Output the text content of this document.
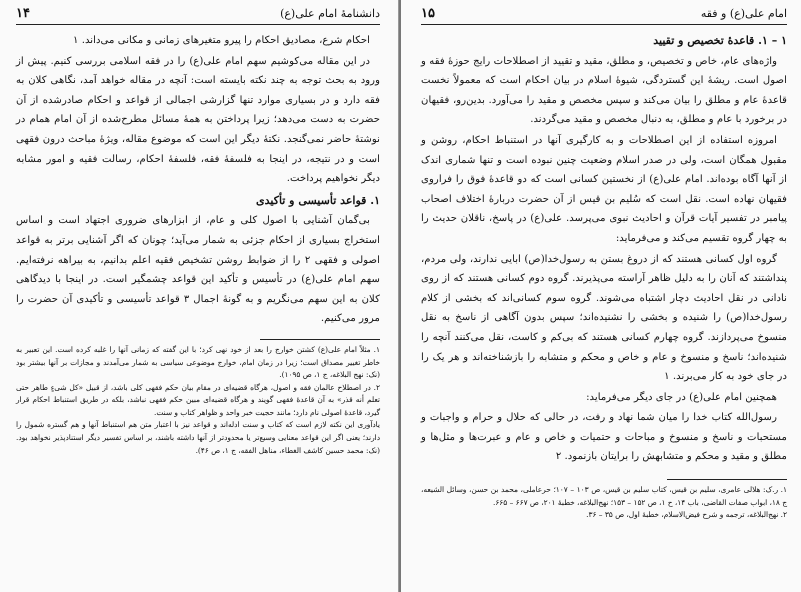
دانشنامهٔ امام علی(ع)
۱۴

احکام شرع، مصادیق احکام را پیرو متغیرهای زمانی و مکانی می‌داند. ۱

در این مقاله می‌کوشیم سهم امام علی(ع) را در فقه اسلامی بررسی کنیم. پیش از ورود به بحث توجه به چند نکته بایسته است: آنچه در مقاله خواهد آمد، نگاهی کلان به فقه دارد و در بسیاری موارد تنها گزارشی اجمالی از قواعد و احکام صادرشده از آن حضرت به دست می‌دهد؛ زیرا پرداختن به همهٔ مسائل مطرح‌شده از آن امام همام در نوشتهٔ حاضر نمی‌گنجد. نکتهٔ دیگر این است که موضوع مقاله، ویژهٔ مباحث درون فقهی است و در نتیجه، در اینجا به فلسفهٔ فقه، فلسفهٔ احکام، رسالت فقیه و امور مشابه دیگر نخواهیم پرداخت.

۱. قواعد تأسیسی و تأکیدی

بی‌گمان آشنایی با اصول کلی و عام، از ابزارهای ضروری اجتهاد است و اساس استخراج بسیاری از احکام جزئی به شمار می‌آید؛ چونان که اگر آشنایی برتر به قواعد اصولی و فقهی ۲ را از ضوابط روشن تشخیص فقیه اعلم بدانیم، به بیراهه نرفته‌ایم. سهم امام علی(ع) در تأسیس و تأکید این قواعد چشمگیر است. در اینجا با دیدگاهی کلان به این سهم می‌نگریم و به گونهٔ اجمال ۳ قواعد تأسیسی و تأکیدی آن حضرت را مرور می‌کنیم.

۱. مثلاً امام علی(ع) کشتن خوارج را بعد از خود نهی کرد؛ با این گفته که زمانی آنها را غلبه کرده است. این تعبیر به خاطر تغییر مصداق است؛ زیرا در زمان امام، خوارج موضوعی سیاسی به شمار می‌آمدند و مجازات بر آنها بیشتر بود (نک: نهج البلاغه، ج ۱، ص ۱۰۹۵).

۲. در اصطلاح عالمان فقه و اصول، هرگاه قضیه‌ای در مقام بیان حکم فقهی کلی باشد، از قبیل «کل شیءٍ طاهر حتی تعلم أنه قذر» به آن قاعدهٔ فقهی گویند و هرگاه قضیه‌ای مبین حکم فقهی نباشد، بلکه در طریق استنباط احکام قرار گیرد، قاعدهٔ اصولی نام دارد؛ مانند حجیت خبر واحد و ظواهر کتاب و سنت.

یادآوری این نکته لازم است که کتاب و سنت ادله‌اند و قواعد نیز با اعتبار متن هم استنباط آنها و هم گستره شمول را دارند؛ یعنی اگر این قواعد معنایی وسیع‌تر یا محدودتر از آنها داشته باشند، بر اساس تفسیر دیگر استنادپذیر نخواهد بود. (نک: محمد حسین کاشف الغطاء، مناهل الفقه، ج ۱، ص ۴۶).

امام علی(ع) و فقه
۱۵
۱ – ۱. قاعدهٔ تخصیص و تقیید

واژه‌های عام، خاص و تخصیص، و مطلق، مقید و تقیید از اصطلاحات رایج حوزهٔ فقه و اصول است. ریشهٔ این گستردگی، شیوهٔ اسلام در بیان احکام است که معمولاً نخست قاعدهٔ عام و مطلق را بیان می‌کند و سپس مخصص و مقید را می‌آورد. بدین‌رو، فقیهان در برخورد با عام و مطلق، به دنبال مخصص و مقید می‌گردند.

امروزه استفاده از این اصطلاحات و به کارگیری آنها در استنباط احکام، روشن و مقبول همگان است، ولی در صدر اسلام وضعیت چنین نبوده است و تنها شماری اندک از آنها آگاه بوده‌اند. امام علی(ع) از نخستین کسانی است که دو قاعدهٔ فوق را فراروی فقیهان نهاده است. نقل است که سُلیم بن قیس از آن حضرت دربارهٔ اختلاف اصحاب پیامبر در تفسیر آیات قرآن و احادیث نبوی می‌پرسد. علی(ع) در پاسخ، ناقلان حدیث را به چهار گروه تقسیم می‌کند و می‌فرماید:

گروه اول کسانی هستند که از دروغ بستن به رسول‌خدا(ص) ابایی ندارند، ولی مردم، پنداشتند که آنان را به دلیل ظاهر آراسته می‌پذیرند. گروه دوم کسانی هستند که از روی نادانی در نقل احادیث دچار اشتباه می‌شوند. گروه سوم کسانی‌اند که بخشی از کلام رسول‌خدا(ص) را شنیده و بخشی را نشنیده‌اند؛ سپس بدون آگاهی از ناسخ به نقل منسوخ می‌پردازند. گروه چهارم کسانی هستند که بی‌کم و کاست، نقل می‌کنند آنچه را شنیده‌اند؛ ناسخ و منسوخ و عام و خاص و محکم و متشابه را بازشناخته‌اند و هر یک را در جای خود به کار می‌برند. ۱

همچنین امام علی(ع) در جای دیگر می‌فرماید:

رسول‌الله کتاب خدا را میان شما نهاد و رفت، در حالی که حلال و حرام و واجبات و مستحبات و ناسخ و منسوخ و مباحات و حتمیات و خاص و عام و عبرت‌ها و مثل‌ها و مطلق و مقید و محکم و متشابهش را برایتان بازنمود. ۲

۱. ر.ک: هلالی عامری، سلیم بن قیس، کتاب سلیم بن قیس، ص ۱۰۳ – ۱۰۷؛ حرعاملی، محمد بن حسن، وسائل الشیعه، ج ۱۸، ابواب صفات القاضی، باب ۱۴، ح ۱، ص ۱۵۲ – ۱۵۳؛ نهج‌البلاغه، خطبهٔ ۲۰۱، ص ۶۶۷ – ۶۶۵.

۲. نهج‌البلاغه، ترجمه و شرح فیض‌الاسلام، خطبهٔ اول، ص ۳۵ – ۳۶.
